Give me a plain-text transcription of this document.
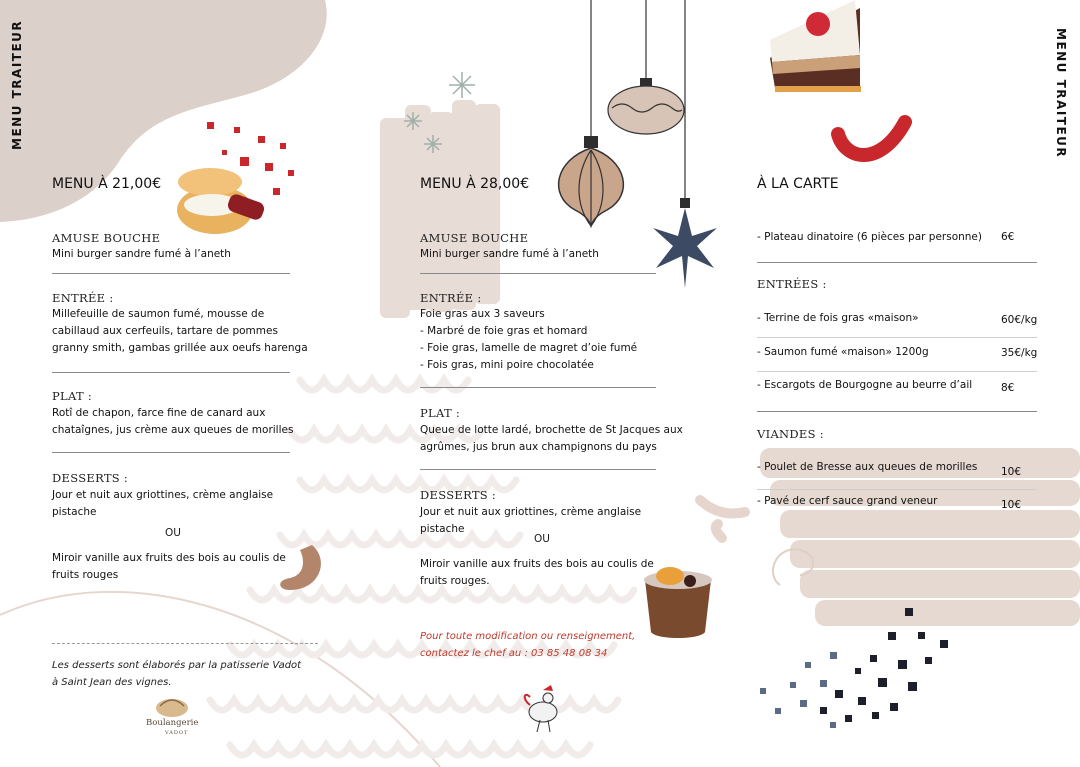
MENU TRAITEUR	MENU TRAITEUR
MENU À 21,00€
AMUSE BOUCHE
Mini burger sandre fumé à l’aneth
ENTRÉE :
Millefeuille de saumon fumé, mousse de
cabillaud aux cerfeuils, tartare de pommes
granny smith, gambas grillée aux oeufs harenga
PLAT :
Rotî de chapon, farce fine de canard aux
chataîgnes, jus crème aux queues de morilles
DESSERTS :
Jour et nuit aux griottines, crème anglaise
pistache
OU
Miroir vanille aux fruits des bois au coulis de
fruits rouges
Les desserts sont élaborés par la patisserie Vadot
à Saint Jean des vignes.
Boulangerie
VADOT
MENU À 28,00€
AMUSE BOUCHE
Mini burger sandre fumé à l’aneth
ENTRÉE :
Foie gras aux 3 saveurs
- Marbré de foie gras et homard
- Foie gras, lamelle de magret d’oie fumé
- Fois gras, mini poire chocolatée
PLAT :
Queue de lotte lardé, brochette de St Jacques aux
agrûmes, jus brun aux champignons du pays
DESSERTS :
Jour et nuit aux griottines, crème anglaise
pistache
OU
Miroir vanille aux fruits des bois au coulis de
fruits rouges.
Pour toute modification ou renseignement,
contactez le chef au : 03 85 48 08 34
À LA CARTE
- Plateau dinatoire (6 pièces par personne) 6€
ENTRÉES :
- Terrine de fois gras «maison»	60€/kg
- Saumon fumé «maison» 1200g	35€/kg
- Escargots de Bourgogne au beurre d’ail	8€
VIANDES :
- Poulet de Bresse aux queues de morilles 10€
- Pavé de cerf sauce grand veneur	10€
